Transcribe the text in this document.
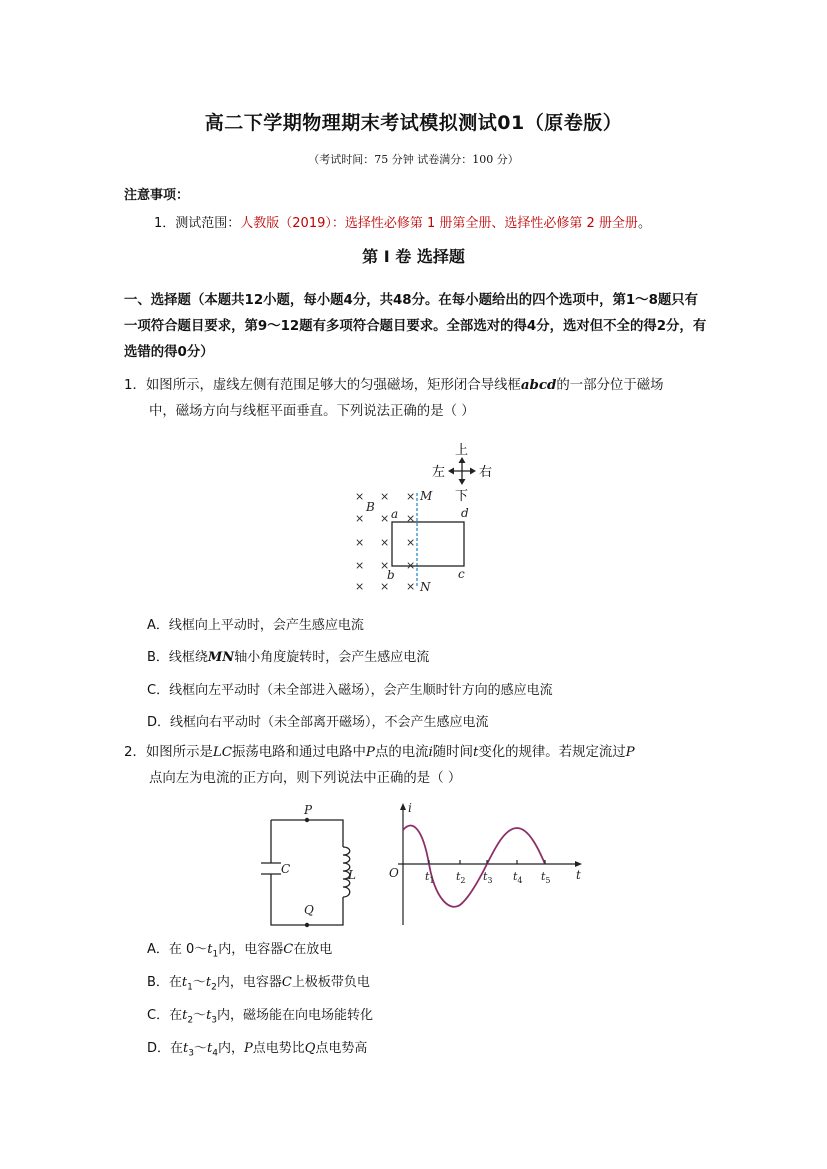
高二下学期物理期末考试模拟测试01（原卷版）
（考试时间：75 分钟 试卷满分：100 分）
注意事项：
1．测试范围：人教版（2019）：选择性必修第 1 册第全册、选择性必修第 2 册全册。
第 I 卷 选择题
一、选择题（本题共12小题，每小题4分，共48分。在每小题给出的四个选项中，第1～8题只有一项符合题目要求，第9～12题有多项符合题目要求。全部选对的得4分，选对但不全的得2分，有选错的得0分）
1．如图所示，虚线左侧有范围足够大的匀强磁场，矩形闭合导线框abcd的一部分位于磁场
中，磁场方向与线框平面垂直。下列说法正确的是（ ）
上
下
左	右
× × ×
× × ×
× × ×
× × ×
× × ×
B
M
N
a
b	c
d
A．线框向上平动时，会产生感应电流
B．线框绕MN轴小角度旋转时，会产生感应电流
C．线框向左平动时（未全部进入磁场），会产生顺时针方向的感应电流
D．线框向右平动时（未全部离开磁场），不会产生感应电流
2．如图所示是LC振荡电路和通过电路中P点的电流i随时间t变化的规律。若规定流过P
点向左为电流的正方向，则下列说法中正确的是（ ）
P
Q
C	L
i
t
O $t_1$ $t_2$ $t_3$ $t_4$ $t_5$
A．在 $0\sim t_1$内，电容器C在放电
B．在$t_1\sim t_2$内，电容器C上极板带负电
C．在$t_2\sim t_3$内，磁场能在向电场能转化
D．在$t_3\sim t_4$内，P点电势比Q点电势高
